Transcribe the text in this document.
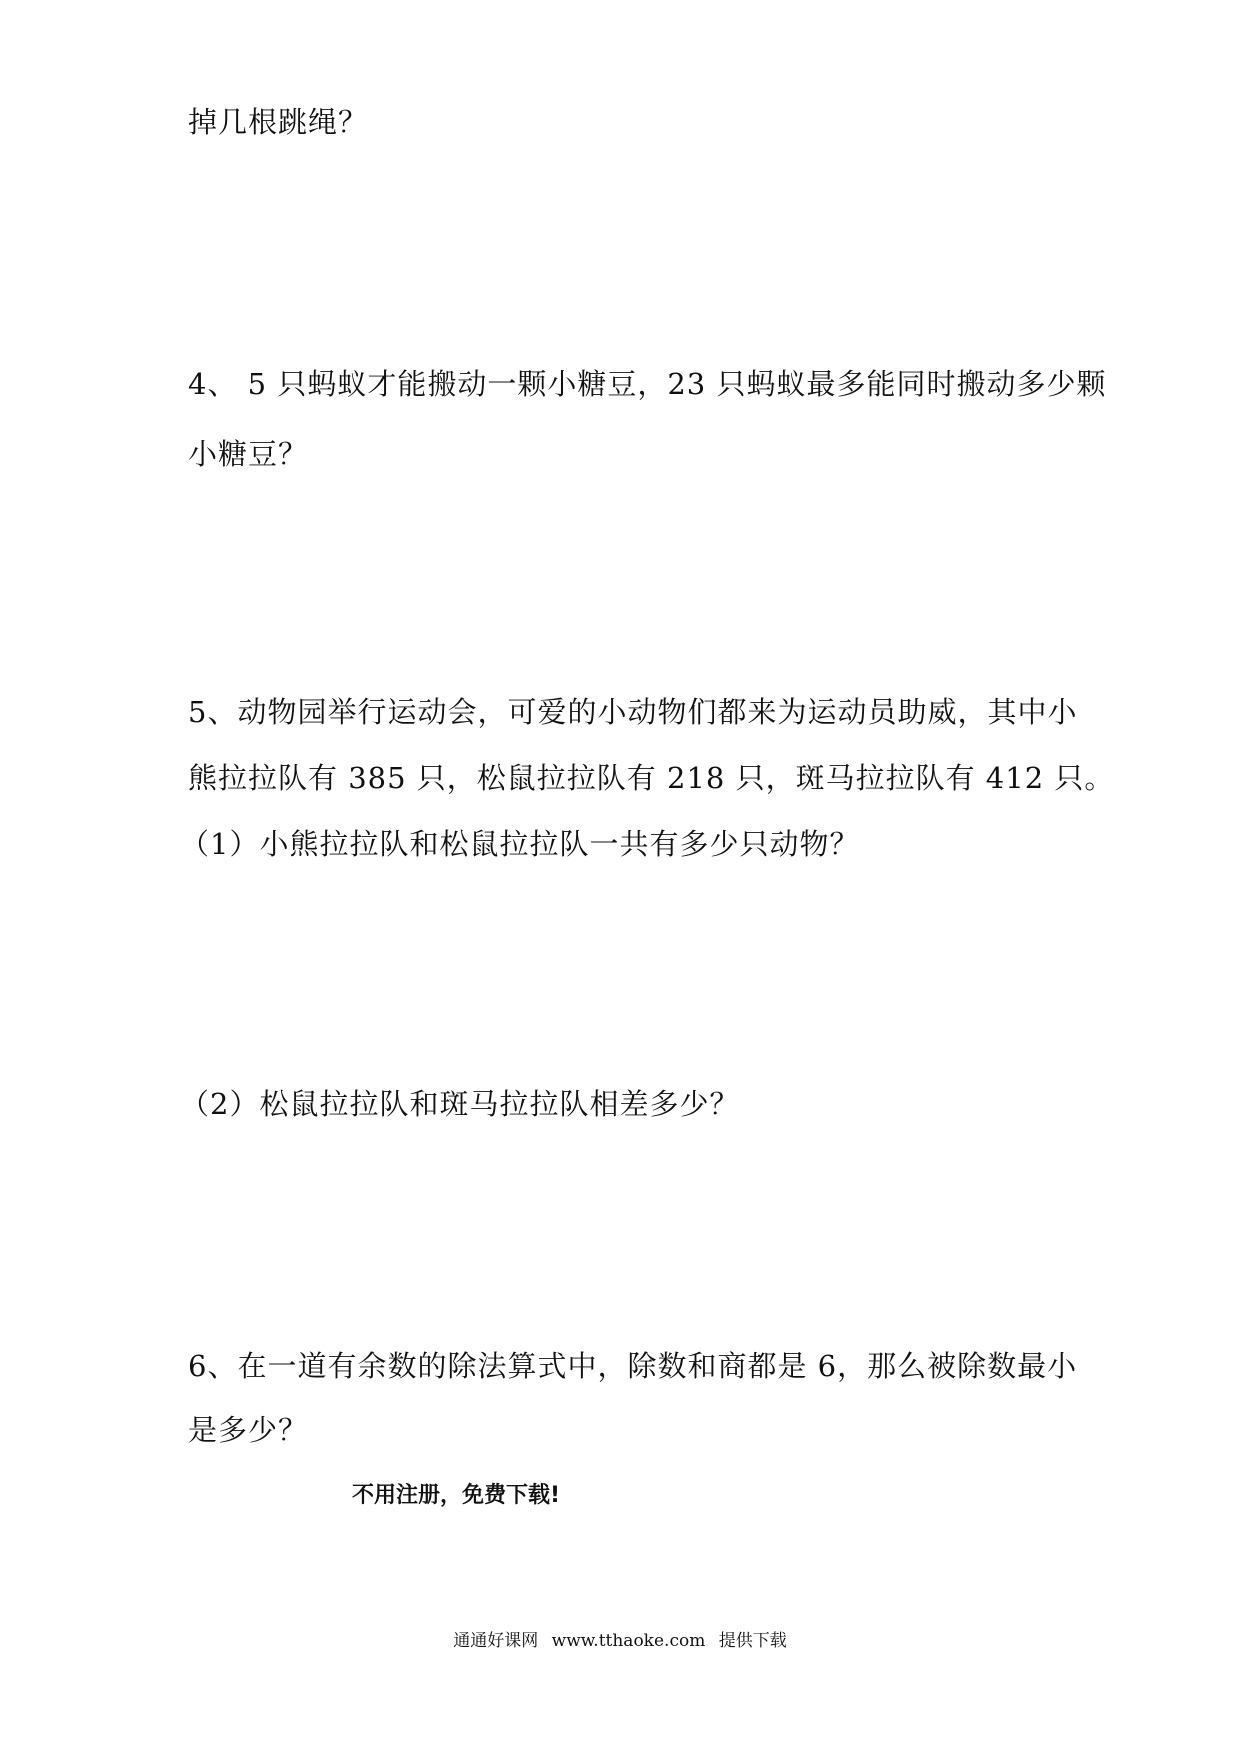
掉几根跳绳？
4、 5 只蚂蚁才能搬动一颗小糖豆，23 只蚂蚁最多能同时搬动多少颗
小糖豆？
5、动物园举行运动会，可爱的小动物们都来为运动员助威，其中小
熊拉拉队有 385 只，松鼠拉拉队有 218 只，斑马拉拉队有 412 只。
（1）小熊拉拉队和松鼠拉拉队一共有多少只动物？
（2）松鼠拉拉队和斑马拉拉队相差多少？
6、在一道有余数的除法算式中，除数和商都是 6，那么被除数最小
是多少？
不用注册，免费下载!
通通好课网 www.tthaoke.com 提供下载
